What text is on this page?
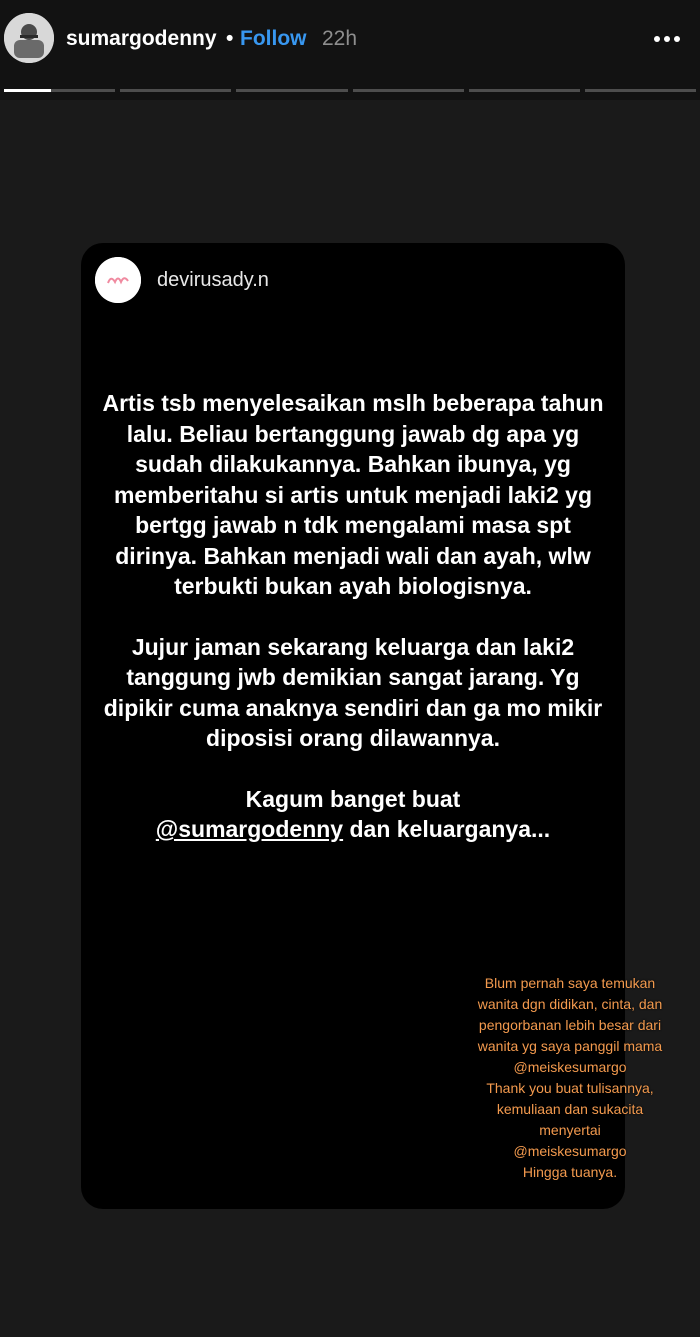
sumargodenny • Follow 22h
devirusady.n

Artis tsb menyelesaikan mslh beberapa tahun lalu. Beliau bertanggung jawab dg apa yg sudah dilakukannya. Bahkan ibunya, yg memberitahu si artis untuk menjadi laki2 yg bertgg jawab n tdk mengalami masa spt dirinya. Bahkan menjadi wali dan ayah, wlw terbukti bukan ayah biologisnya.

Jujur jaman sekarang keluarga dan laki2 tanggung jwb demikian sangat jarang. Yg dipikir cuma anaknya sendiri dan ga mo mikir diposisi orang dilawannya.

Kagum banget buat
@sumargodenny dan keluarganya...

Blum pernah saya temukan wanita dgn didikan, cinta, dan pengorbanan lebih besar dari wanita yg saya panggil mama
@meiskesumargo
Thank you buat tulisannya, kemuliaan dan sukacita menyertai
@meiskesumargo
Hingga tuanya.
